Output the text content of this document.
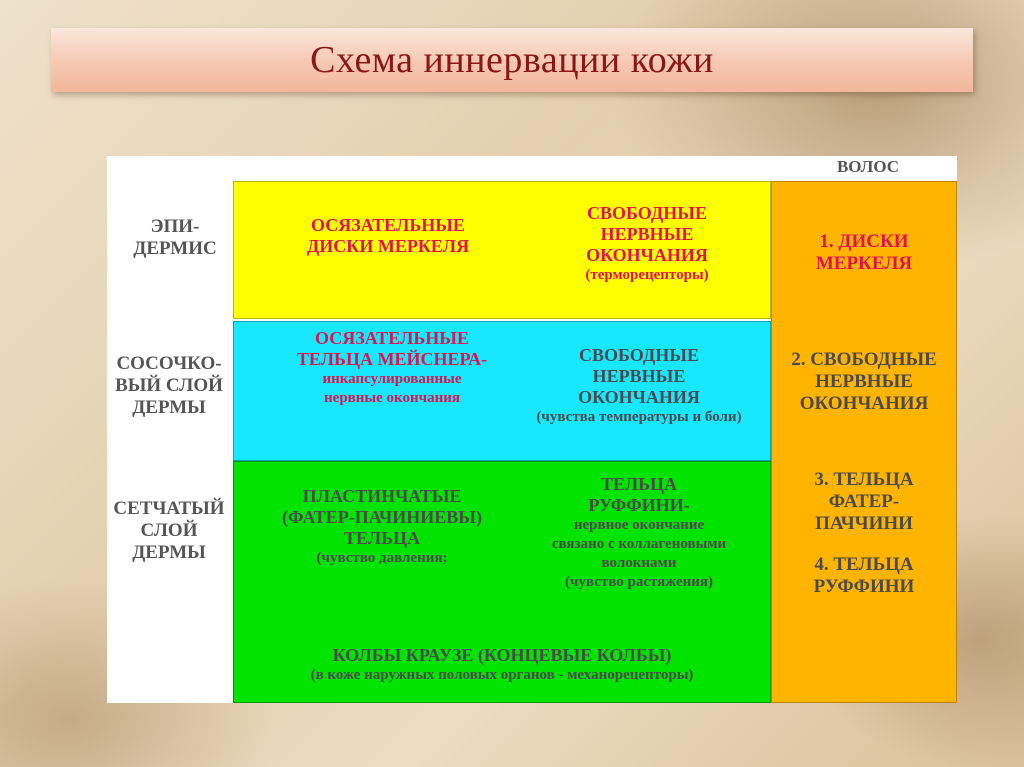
Схема иннервации кожи
ЭПИ-
ДЕРМИС
СОСОЧКО-
ВЫЙ СЛОЙ
ДЕРМЫ
СЕТЧАТЫЙ
СЛОЙ
ДЕРМЫ
ВОЛОС
1. ДИСКИ
МЕРКЕЛЯ
2. СВОБОДНЫЕ
НЕРВНЫЕ
ОКОНЧАНИЯ
3. ТЕЛЬЦА
ФАТЕР-
ПАЧЧИНИ
4. ТЕЛЬЦА
РУФФИНИ
ОСЯЗАТЕЛЬНЫЕ
ДИСКИ МЕРКЕЛЯ
СВОБОДНЫЕ
НЕРВНЫЕ
ОКОНЧАНИЯ
(терморецепторы)
ОСЯЗАТЕЛЬНЫЕ
ТЕЛЬЦА МЕЙСНЕРА-
инкапсулированные
нервные окончания
СВОБОДНЫЕ
НЕРВНЫЕ
ОКОНЧАНИЯ
(чувства температуры и боли)
ПЛАСТИНЧАТЫЕ
(ФАТЕР-ПАЧИНИЕВЫ)
ТЕЛЬЦА
(чувство давления;
ТЕЛЬЦА
РУФФИНИ-
нервное окончание
связано с коллагеновыми
волокнами
(чувство растяжения)
КОЛБЫ КРАУЗЕ (КОНЦЕВЫЕ КОЛБЫ)
(в коже наружных половых органов - механорецепторы)
